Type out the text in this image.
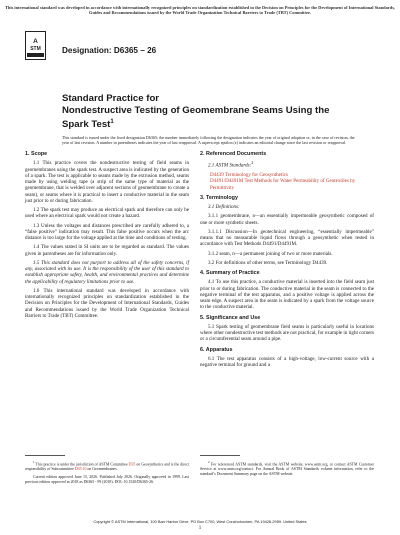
This international standard was developed in accordance with internationally recognized principles on standardization established in the Decision on Principles for the Development of International Standards, Guides and Recommendations issued by the World Trade Organization Technical Barriers to Trade (TBT) Committee.
A
STM	Designation: D6365 – 26
Standard Practice for
Nondestructive Testing of Geomembrane Seams Using the
Spark Test$^1$
This standard is issued under the fixed designation D6365; the number immediately following the designation indicates the year of original adoption or, in the case of revision, the year of last revision. A number in parentheses indicates the year of last reapproval. A superscript epsilon (ε) indicates an editorial change since the last revision or reapproval.
1. Scope
1.1 This practice covers the nondestructive testing of field seams in geomembranes using the spark test. A suspect area is indicated by the generation of a spark. The test is applicable to seams made by the extrusion method, seams made by using welding tape (a strip of the same type of material as the geomembrane, that is welded over adjacent sections of geomembrane to create a seam), or seams where it is practical to insert a conductive material in the seam just prior to or during fabrication.
1.2 The spark test may produce an electrical spark and therefore can only be used where an electrical spark would not create a hazard.
1.3 Unless the voltages and distances prescribed are carefully adhered to, a “false positive” indication may result. This false positive occurs when the arc distance is too large for the voltage applied at the time and conditions of testing.
1.4 The values stated in SI units are to be regarded as standard. The values given in parentheses are for information only.
1.5 This standard does not purport to address all of the safety concerns, if any, associated with its use. It is the responsibility of the user of this standard to establish appropriate safety, health, and environmental practices and determine the applicability of regulatory limitations prior to use.
1.6 This international standard was developed in accordance with internationally recognized principles on standardization established in the Decision on Principles for the Development of International Standards, Guides and Recommendations issued by the World Trade Organization Technical Barriers to Trade (TBT) Committee.
$^1$ This practice is under the jurisdiction of ASTM Committee D35 on Geosynthetics and is the direct responsibility of Subcommittee D35.10 on Geomembranes.
Current edition approved June 15, 2026. Published July 2026. Originally approved in 1999. Last previous edition approved in 2018 as D6365 - 99 (2018). DOI: 10.1520/D6365-26.
2. Referenced Documents
2.1 ASTM Standards:$^2$
D4439 Terminology for Geosynthetics
D4491/D4491M Test Methods for Water Permeability of Geotextiles by Permittivity
3. Terminology
3.1 Definitions:
3.1.1 geomembrane, n—an essentially impermeable geosynthetic composed of one or more synthetic sheets.
3.1.1.1 Discussion—In geotechnical engineering, “essentially impermeable” means that no measurable liquid flows through a geosynthetic when tested in accordance with Test Methods D4491/D4491M.
3.1.2 seam, n—a permanent joining of two or more materials.
3.2 For definitions of other terms, see Terminology D4439.
4. Summary of Practice
4.1 To use this practice, a conductive material is inserted into the field seam just prior to or during fabrication. The conductive material in the seam is connected to the negative terminal of the test apparatus, and a positive voltage is applied across the seam edge. A suspect area in the seam is indicated by a spark from the voltage source to the conductive material.
5. Significance and Use
5.1 Spark testing of geomembrane field seams is particularly useful in locations where other nondestructive test methods are not practical, for example in tight corners or a circumferential seam around a pipe.
6. Apparatus
6.1 The test apparatus consists of a high-voltage, low-current source with a negative terminal for ground and a
$^2$ For referenced ASTM standards, visit the ASTM website, www.astm.org, or contact ASTM Customer Service at www.astm.org/contact. For Annual Book of ASTM Standards volume information, refer to the standard’s Document Summary page on the ASTM website.
Copyright © ASTM International, 100 Barr Harbor Drive, PO Box C700, West Conshohocken, PA 19428-2959. United States
1
